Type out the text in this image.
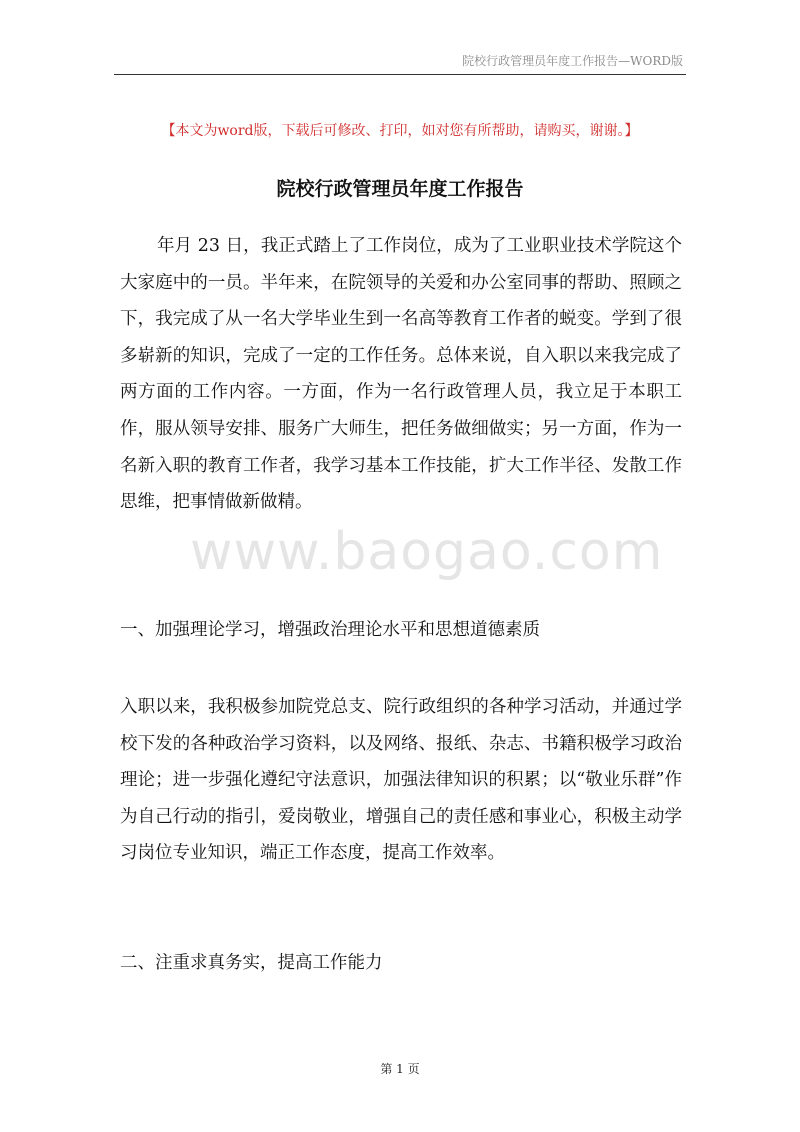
院校行政管理员年度工作报告—WORD版
【本文为word版，下载后可修改、打印，如对您有所帮助，请购买，谢谢。】
院校行政管理员年度工作报告

年月 23 日，我正式踏上了工作岗位，成为了工业职业技术学院这个大家庭中的一员。半年来，在院领导的关爱和办公室同事的帮助、照顾之下，我完成了从一名大学毕业生到一名高等教育工作者的蜕变。学到了很多崭新的知识，完成了一定的工作任务。总体来说，自入职以来我完成了两方面的工作内容。一方面，作为一名行政管理人员，我立足于本职工作，服从领导安排、服务广大师生，把任务做细做实；另一方面，作为一名新入职的教育工作者，我学习基本工作技能，扩大工作半径、发散工作思维，把事情做新做精。

www.baogao.com

一、加强理论学习，增强政治理论水平和思想道德素质

入职以来，我积极参加院党总支、院行政组织的各种学习活动，并通过学校下发的各种政治学习资料，以及网络、报纸、杂志、书籍积极学习政治理论；进一步强化遵纪守法意识，加强法律知识的积累；以“敬业乐群”作为自己行动的指引，爱岗敬业，增强自己的责任感和事业心，积极主动学习岗位专业知识，端正工作态度，提高工作效率。

二、注重求真务实，提高工作能力

第 1 页
